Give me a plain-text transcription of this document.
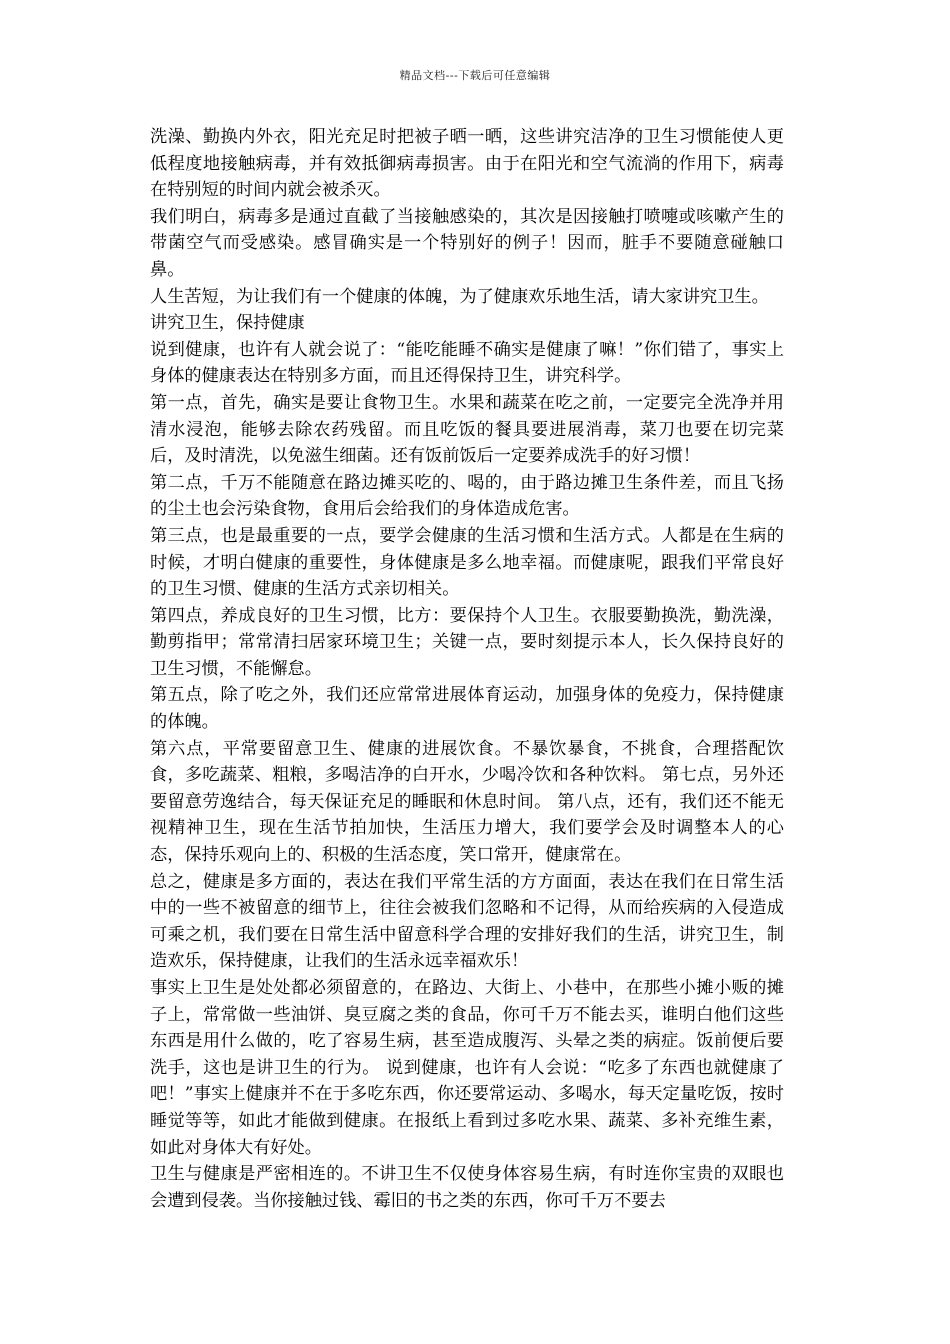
精品文档---下载后可任意编辑

洗澡、勤换内外衣，阳光充足时把被子晒一晒，这些讲究洁净的卫生习惯能使人更低程度地接触病毒，并有效抵御病毒损害。由于在阳光和空气流淌的作用下，病毒在特别短的时间内就会被杀灭。

我们明白，病毒多是通过直截了当接触感染的，其次是因接触打喷嚏或咳嗽产生的带菌空气而受感染。感冒确实是一个特别好的例子！因而，脏手不要随意碰触口鼻。

人生苦短，为让我们有一个健康的体魄，为了健康欢乐地生活，请大家讲究卫生。

讲究卫生，保持健康

说到健康，也许有人就会说了：“能吃能睡不确实是健康了嘛！”你们错了，事实上身体的健康表达在特别多方面，而且还得保持卫生，讲究科学。

第一点，首先，确实是要让食物卫生。水果和蔬菜在吃之前，一定要完全洗净并用清水浸泡，能够去除农药残留。而且吃饭的餐具要进展消毒，菜刀也要在切完菜后，及时清洗，以免滋生细菌。还有饭前饭后一定要养成洗手的好习惯！

第二点，千万不能随意在路边摊买吃的、喝的，由于路边摊卫生条件差，而且飞扬的尘土也会污染食物，食用后会给我们的身体造成危害。

第三点，也是最重要的一点，要学会健康的生活习惯和生活方式。人都是在生病的时候，才明白健康的重要性，身体健康是多么地幸福。而健康呢，跟我们平常良好的卫生习惯、健康的生活方式亲切相关。

第四点，养成良好的卫生习惯，比方：要保持个人卫生。衣服要勤换洗，勤洗澡，勤剪指甲；常常清扫居家环境卫生；关键一点，要时刻提示本人，长久保持良好的卫生习惯，不能懈怠。

第五点，除了吃之外，我们还应常常进展体育运动，加强身体的免疫力，保持健康的体魄。

第六点，平常要留意卫生、健康的进展饮食。不暴饮暴食，不挑食，合理搭配饮食，多吃蔬菜、粗粮，多喝洁净的白开水，少喝冷饮和各种饮料。 第七点，另外还要留意劳逸结合，每天保证充足的睡眠和休息时间。 第八点，还有，我们还不能无视精神卫生，现在生活节拍加快，生活压力增大，我们要学会及时调整本人的心态，保持乐观向上的、积极的生活态度，笑口常开，健康常在。

总之，健康是多方面的，表达在我们平常生活的方方面面，表达在我们在日常生活中的一些不被留意的细节上，往往会被我们忽略和不记得，从而给疾病的入侵造成可乘之机，我们要在日常生活中留意科学合理的安排好我们的生活，讲究卫生，制造欢乐，保持健康，让我们的生活永远幸福欢乐！

事实上卫生是处处都必须留意的，在路边、大街上、小巷中，在那些小摊小贩的摊子上，常常做一些油饼、臭豆腐之类的食品，你可千万不能去买，谁明白他们这些东西是用什么做的，吃了容易生病，甚至造成腹泻、头晕之类的病症。饭前便后要洗手，这也是讲卫生的行为。 说到健康，也许有人会说：“吃多了东西也就健康了吧！”事实上健康并不在于多吃东西，你还要常运动、多喝水，每天定量吃饭，按时睡觉等等，如此才能做到健康。在报纸上看到过多吃水果、蔬菜、多补充维生素，如此对身体大有好处。

卫生与健康是严密相连的。不讲卫生不仅使身体容易生病，有时连你宝贵的双眼也会遭到侵袭。当你接触过钱、霉旧的书之类的东西，你可千万不要去
